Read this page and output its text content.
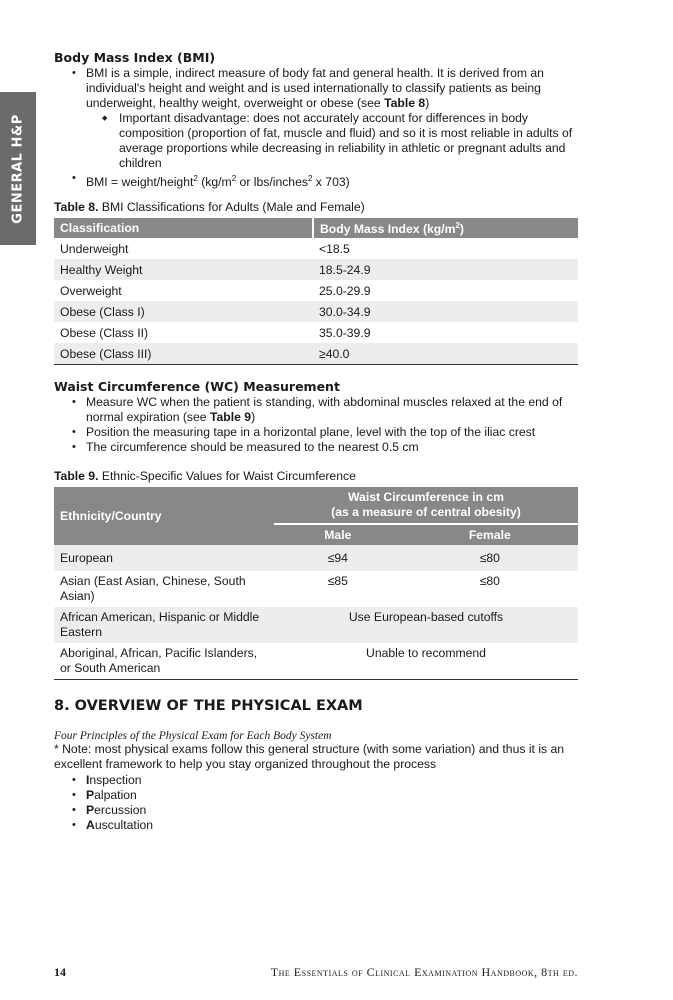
GENERAL H&P
Body Mass Index (BMI)
• BMI is a simple, indirect measure of body fat and general health. It is derived from an individual's height and weight and is used internationally to classify patients as being underweight, healthy weight, overweight or obese (see Table 8)
◆ Important disadvantage: does not accurately account for differences in body composition (proportion of fat, muscle and fluid) and so it is most reliable in adults of average proportions while decreasing in reliability in athletic or pregnant adults and children
• BMI = weight/height$^2$ ($kg/m^2$ or lbs/inches$^2$ x 703)
Table 8. BMI Classifications for Adults (Male and Female)
Classification	Body Mass Index $(kg/m^2)$
Underweight	<18.5
Healthy Weight	18.5-24.9
Overweight	25.0-29.9
Obese (Class I)	30.0-34.9
Obese (Class II)	35.0-39.9
Obese (Class III)	≥40.0
Waist Circumference (WC) Measurement
• Measure WC when the patient is standing, with abdominal muscles relaxed at the end of normal expiration (see Table 9)
• Position the measuring tape in a horizontal plane, level with the top of the iliac crest
• The circumference should be measured to the nearest 0.5 cm
Table 9. Ethnic-Specific Values for Waist Circumference
Ethnicity/Country	Waist Circumference in cm
(as a measure of central obesity)	

	Male	Female
European	≤94	≤80
Asian (East Asian, Chinese, South Asian)	≤85	≤80
African American, Hispanic or Middle Eastern	Use European-based cutoffs	
Aboriginal, African, Pacific Islanders, or South American	Unable to recommend	
8. OVERVIEW OF THE PHYSICAL EXAM

Four Principles of the Physical Exam for Each Body System

* Note: most physical exams follow this general structure (with some variation) and thus it is an excellent framework to help you stay organized throughout the process

• Inspection
• Palpation
• Percussion
• Auscultation
14	The Essentials of Clinical Examination Handbook, 8th ed.
